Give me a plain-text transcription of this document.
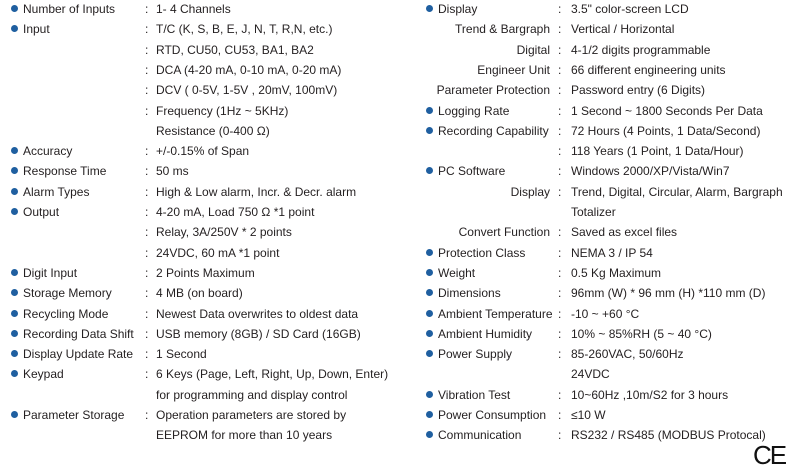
Number of Inputs : 1- 4 Channels
Input	: T/C (K, S, B, E, J, N, T, R,N, etc.)
: RTD, CU50, CU53, BA1, BA2
: DCA (4-20 mA, 0-10 mA, 0-20 mA)
: DCV ( 0-5V, 1-5V , 20mV, 100mV)
: Frequency (1Hz ~ 5KHz)
Resistance (0-400 Ω)
Accuracy	: +/-0.15% of Span
Response Time	: 50 ms
Alarm Types	: High & Low alarm, Incr. & Decr. alarm
Output	: 4-20 mA, Load 750 Ω *1 point
: Relay, 3A/250V * 2 points
: 24VDC, 60 mA *1 point
Digit Input	: 2 Points Maximum
Storage Memory	: 4 MB (on board)
Recycling Mode	: Newest Data overwrites to oldest data
Recording Data Shift : USB memory (8GB) / SD Card (16GB)
Display Update Rate : 1 Second
Keypad	: 6 Keys (Page, Left, Right, Up, Down, Enter)
for programming and display control
Parameter Storage : Operation parameters are stored by
EEPROM for more than 10 years
Display	: 3.5" color-screen LCD
Trend & Bargraph : Vertical / Horizontal
Digital : 4-1/2 digits programmable
Engineer Unit : 66 different engineering units
Parameter Protection : Password entry (6 Digits)
Logging Rate	: 1 Second ~ 1800 Seconds Per Data
Recording Capability : 72 Hours (4 Points, 1 Data/Second)
: 118 Years (1 Point, 1 Data/Hour)
PC Software	: Windows 2000/XP/Vista/Win7
Display : Trend, Digital, Circular, Alarm, Bargraph
Totalizer
Convert Function : Saved as excel files
Protection Class	: NEMA 3 / IP 54
Weight	: 0.5 Kg Maximum
Dimensions	: 96mm (W) * 96 mm (H) *110 mm (D)
Ambient Temperature : -10 ~ +60 °C
Ambient Humidity : 10% ~ 85%RH (5 ~ 40 °C)
Power Supply	: 85-260VAC, 50/60Hz
24VDC
Vibration Test	: 10~60Hz ,10m/S2 for 3 hours
Power Consumption : ≤10 W
Communication	: RS232 / RS485 (MODBUS Protocal)
CE
